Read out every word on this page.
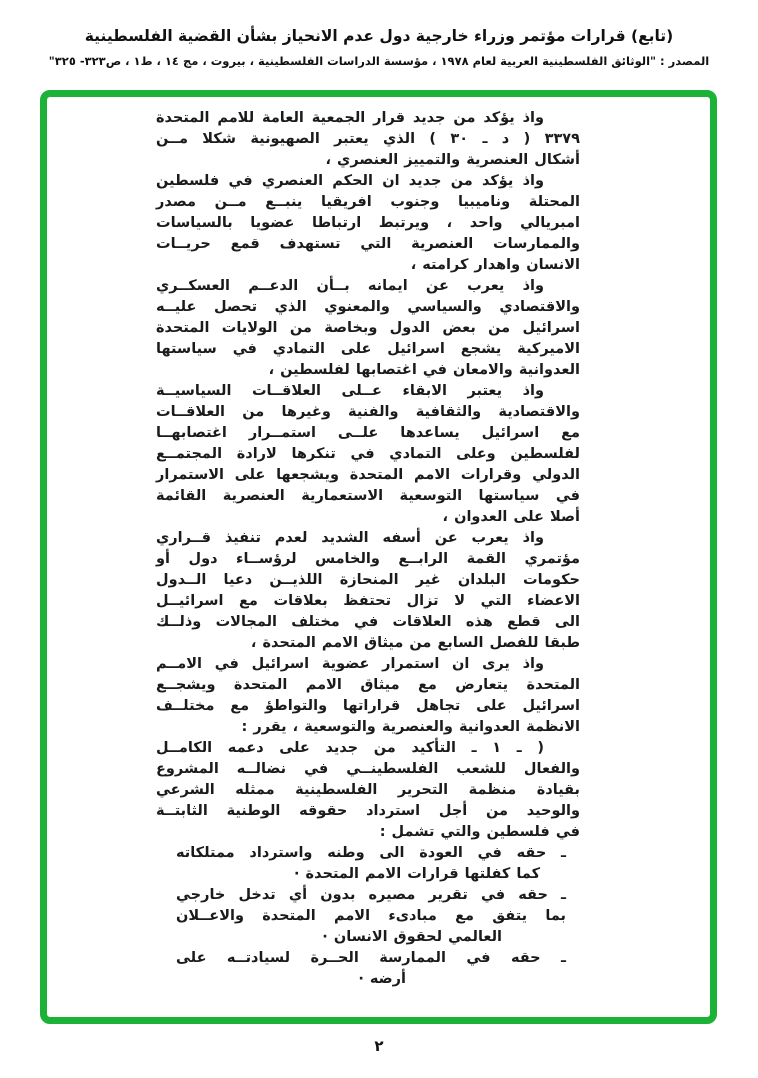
(تابع) قرارات مؤتمر وزراء خارجية دول عدم الانحياز بشأن القضية الفلسطينية
المصدر : "الوثائق الفلسطينية العربية لعام ١٩٧٨ ، مؤسسة الدراسات الفلسطينية ، بيروت ، مج ١٤ ، ط١ ، ص٣٢٣- ٣٢٥"
واذ يؤكد من جديد قرار الجمعية العامة للامم المتحدة
٣٣٧٩ ( د ـ ٣٠ ) الذي يعتبر الصهيونية شكلا مــن
أشكال العنصرية والتمييز العنصري ،
واذ يؤكد من جديد ان الحكم العنصري في فلسطين
المحتلة وناميبيا وجنوب افريقيا ينبــع مــن مصدر
امبريالي واحد ، ويرتبط ارتباطا عضويا بالسياسات
والممارسات العنصرية التي تستهدف قمع حريــات
الانسان واهدار كرامته ،
واذ يعرب عن ايمانه بــأن الدعــم العسكــري
والاقتصادي والسياسي والمعنوي الذي تحصل عليــه
اسرائيل من بعض الدول وبخاصة من الولايات المتحدة
الاميركية يشجع اسرائيل على التمادي في سياستها
العدوانية والامعان في اغتصابها لفلسطين ،
واذ يعتبر الابقاء عــلى العلاقــات السياسيــة
والاقتصادية والثقافية والفنية وغيرها من العلاقــات
مع اسرائيل يساعدها علــى استمــرار اغتصابهــا
لفلسطين وعلى التمادي في تنكرها لارادة المجتمــع
الدولي وقرارات الامم المتحدة ويشجعها على الاستمرار
في سياستها التوسعية الاستعمارية العنصرية القائمة
أصلا على العدوان ،
واذ يعرب عن أسفه الشديد لعدم تنفيذ قــراري
مؤتمري القمة الرابــع والخامس لرؤســاء دول أو
حكومات البلدان غير المنحازة اللذيــن دعيا الــدول
الاعضاء التي لا تزال تحتفظ بعلاقات مع اسرائيــل
الى قطع هذه العلاقات في مختلف المجالات وذلــك
طبقا للفصل السابع من ميثاق الامم المتحدة ،
واذ يرى ان استمرار عضوية اسرائيل في الامــم
المتحدة يتعارض مع ميثاق الامم المتحدة ويشجــع
اسرائيل على تجاهل قراراتها والتواطؤ مع مختلــف
الانظمة العدوانية والعنصرية والتوسعية ، يقرر :
( ـ ١ ـ التأكيد من جديد على دعمه الكامــل
والفعال للشعب الفلسطينــي في نضالــه المشروع
بقيادة منظمة التحرير الفلسطينية ممثله الشرعي
والوحيد من أجل استرداد حقوقه الوطنية الثابتــة
في فلسطين والتي تشمل :
ـ حقه في العودة الى وطنه واسترداد ممتلكاته
كما كفلتها قرارات الامم المتحدة ·
ـ حقه في تقرير مصيره بدون أي تدخل خارجي
بما يتفق مع مبادىء الامم المتحدة والاعــلان
العالمي لحقوق الانسان ·
ـ حقه في الممارسة الحــرة لسيادتــه على
أرضه ·
٢
